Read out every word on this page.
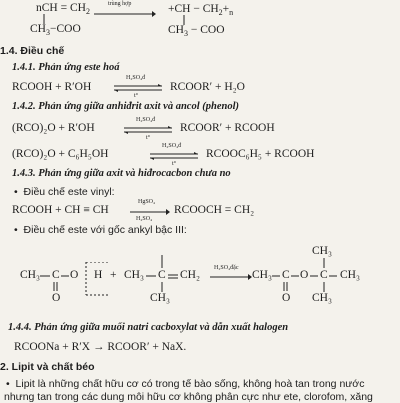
nCH = $CH_2$
$CH_3-COO$
trùng hợp	$+CH - CH_2+_n$
$CH_3$ − COO
1.4. Điều chế
1.4.1. Phản ứng este hoá
RCOOH + R′OH
H₂SO₄đ
t°
RCOOR′ + H₂O
1.4.2. Phản ứng giữa anhiđrit axit và ancol (phenol)
(RCO)₂O + R′OH
H₂SO₄đ
t°
RCOOR′ + RCOOH
(RCO)₂O + C₆H₅OH
H₂SO₄đ
t°
RCOOC₆H₅ + RCOOH
1.4.3. Phản ứng giữa axit và hiđrocacbon chưa no
• Điều chế este vinyl:
RCOOH + CH ≡ CH
HgSO₄
H₂SO₄
RCOOCH = CH₂
• Điều chế este với gốc ankyl bậc III:
CH₃ C O
O
H + CH₃ C CH₂
CH₃
H₂SO₄đặc
CH₃ C O
O
C CH₃
CH₃
CH₃
1.4.4. Phản ứng giữa muối natri cacboxylat và dẫn xuất halogen
RCOONa + R′X → RCOOR′ + NaX.
2. Lipit và chất béo
• Lipit là những chất hữu cơ có trong tế bào sống, không hoà tan trong nước
nhưng tan trong các dung môi hữu cơ không phân cực như ete, clorofom, xăng
